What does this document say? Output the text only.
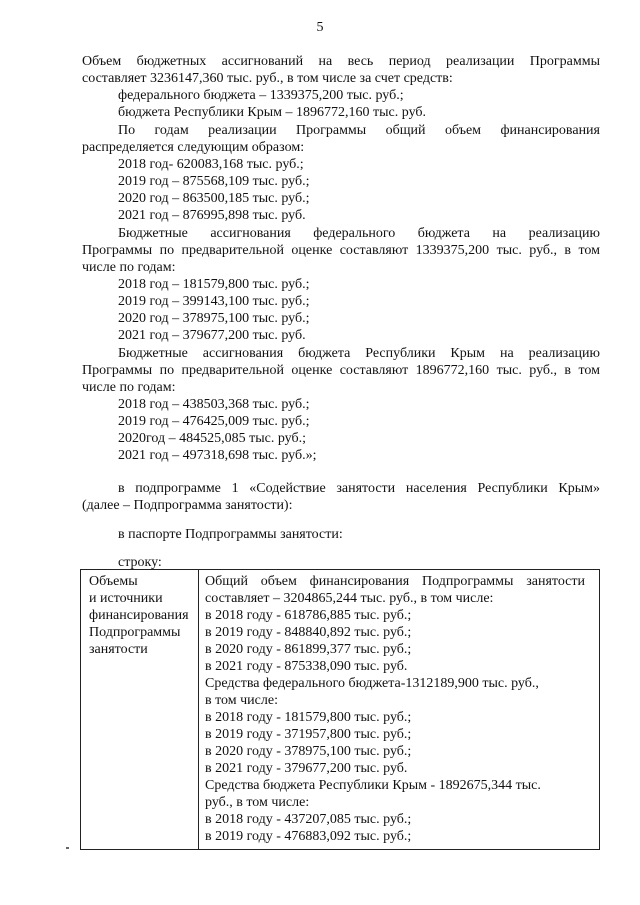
5
Объем бюджетных ассигнований на весь период реализации Программы
составляет 3236147,360 тыс. руб., в том числе за счет средств:
федерального бюджета – 1339375,200 тыс. руб.;
бюджета Республики Крым – 1896772,160 тыс. руб.
По годам реализации Программы общий объем финансирования
распределяется следующим образом:
2018 год- 620083,168 тыс. руб.;
2019 год – 875568,109 тыс. руб.;
2020 год – 863500,185 тыс. руб.;
2021 год – 876995,898 тыс. руб.
Бюджетные ассигнования федерального бюджета на реализацию
Программы по предварительной оценке составляют 1339375,200 тыс. руб., в том
числе по годам:
2018 год – 181579,800 тыс. руб.;
2019 год – 399143,100 тыс. руб.;
2020 год – 378975,100 тыс. руб.;
2021 год – 379677,200 тыс. руб.
Бюджетные ассигнования бюджета Республики Крым на реализацию
Программы по предварительной оценке составляют 1896772,160 тыс. руб., в том
числе по годам:
2018 год – 438503,368 тыс. руб.;
2019 год – 476425,009 тыс. руб.;
2020год – 484525,085 тыс. руб.;
2021 год – 497318,698 тыс. руб.»;
в подпрограмме 1 «Содействие занятости населения Республики Крым»
(далее – Подпрограмма занятости):
в паспорте Подпрограммы занятости:
строку:
Объемы
и источники
финансирования
Подпрограммы
занятости
Общий объем финансирования Подпрограммы занятости
составляет – 3204865,244 тыс. руб., в том числе:
в 2018 году - 618786,885 тыс. руб.;
в 2019 году - 848840,892 тыс. руб.;
в 2020 году - 861899,377 тыс. руб.;
в 2021 году - 875338,090 тыс. руб.
Средства федерального бюджета-1312189,900 тыс. руб.,
в том числе:
в 2018 году - 181579,800 тыс. руб.;
в 2019 году - 371957,800 тыс. руб.;
в 2020 году - 378975,100 тыс. руб.;
в 2021 году - 379677,200 тыс. руб.
Средства бюджета Республики Крым - 1892675,344 тыс.
руб., в том числе:
в 2018 году - 437207,085 тыс. руб.;
в 2019 году - 476883,092 тыс. руб.;
